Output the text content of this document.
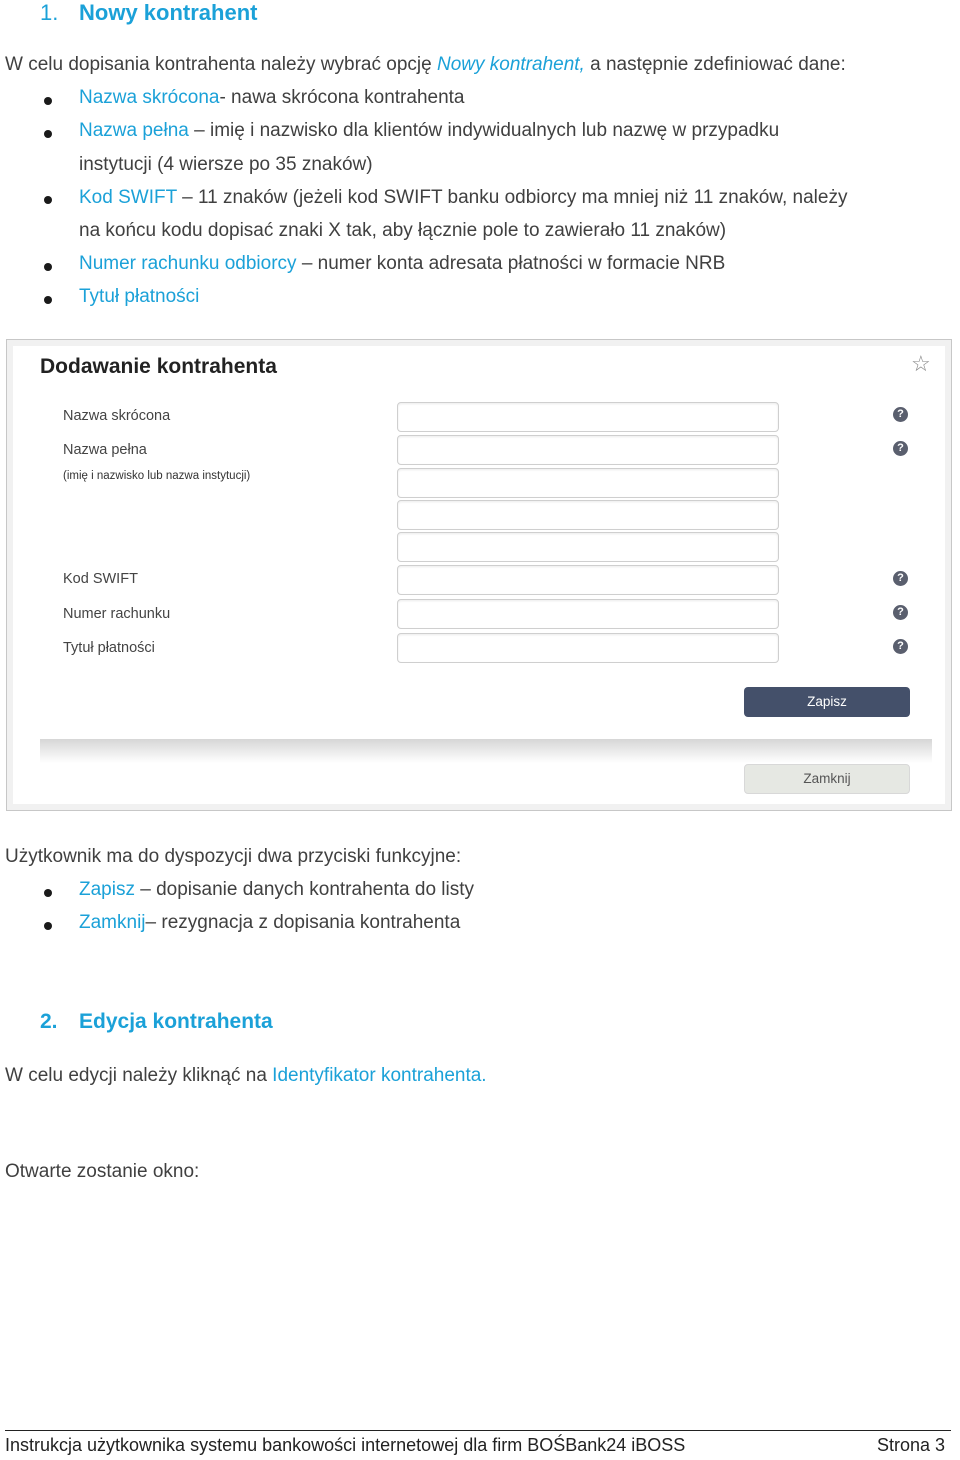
1. Nowy kontrahent
W celu dopisania kontrahenta należy wybrać opcję Nowy kontrahent, a następnie zdefiniować dane:
Nazwa skrócona- nawa skrócona kontrahenta
Nazwa pełna – imię i nazwisko dla klientów indywidualnych lub nazwę w przypadku
instytucji (4 wiersze po 35 znaków)
Kod SWIFT – 11 znaków (jeżeli kod SWIFT banku odbiorcy ma mniej niż 11 znaków, należy
na końcu kodu dopisać znaki X tak, aby łącznie pole to zawierało 11 znaków)
Numer rachunku odbiorcy – numer konta adresata płatności w formacie NRB
Tytuł płatności
Dodawanie kontrahenta	☆
Nazwa skrócona	?
Nazwa pełna
(imię i nazwisko lub nazwa instytucji)
?
Kod SWIFT	?
Numer rachunku	?
Tytuł płatności	?
Zapisz
Zamknij
Użytkownik ma do dyspozycji dwa przyciski funkcyjne:
Zapisz – dopisanie danych kontrahenta do listy
Zamknij– rezygnacja z dopisania kontrahenta
2. Edycja kontrahenta
W celu edycji należy kliknąć na Identyfikator kontrahenta.
Otwarte zostanie okno:
Instrukcja użytkownika systemu bankowości internetowej dla firm BOŚBank24 iBOSS	Strona 3
